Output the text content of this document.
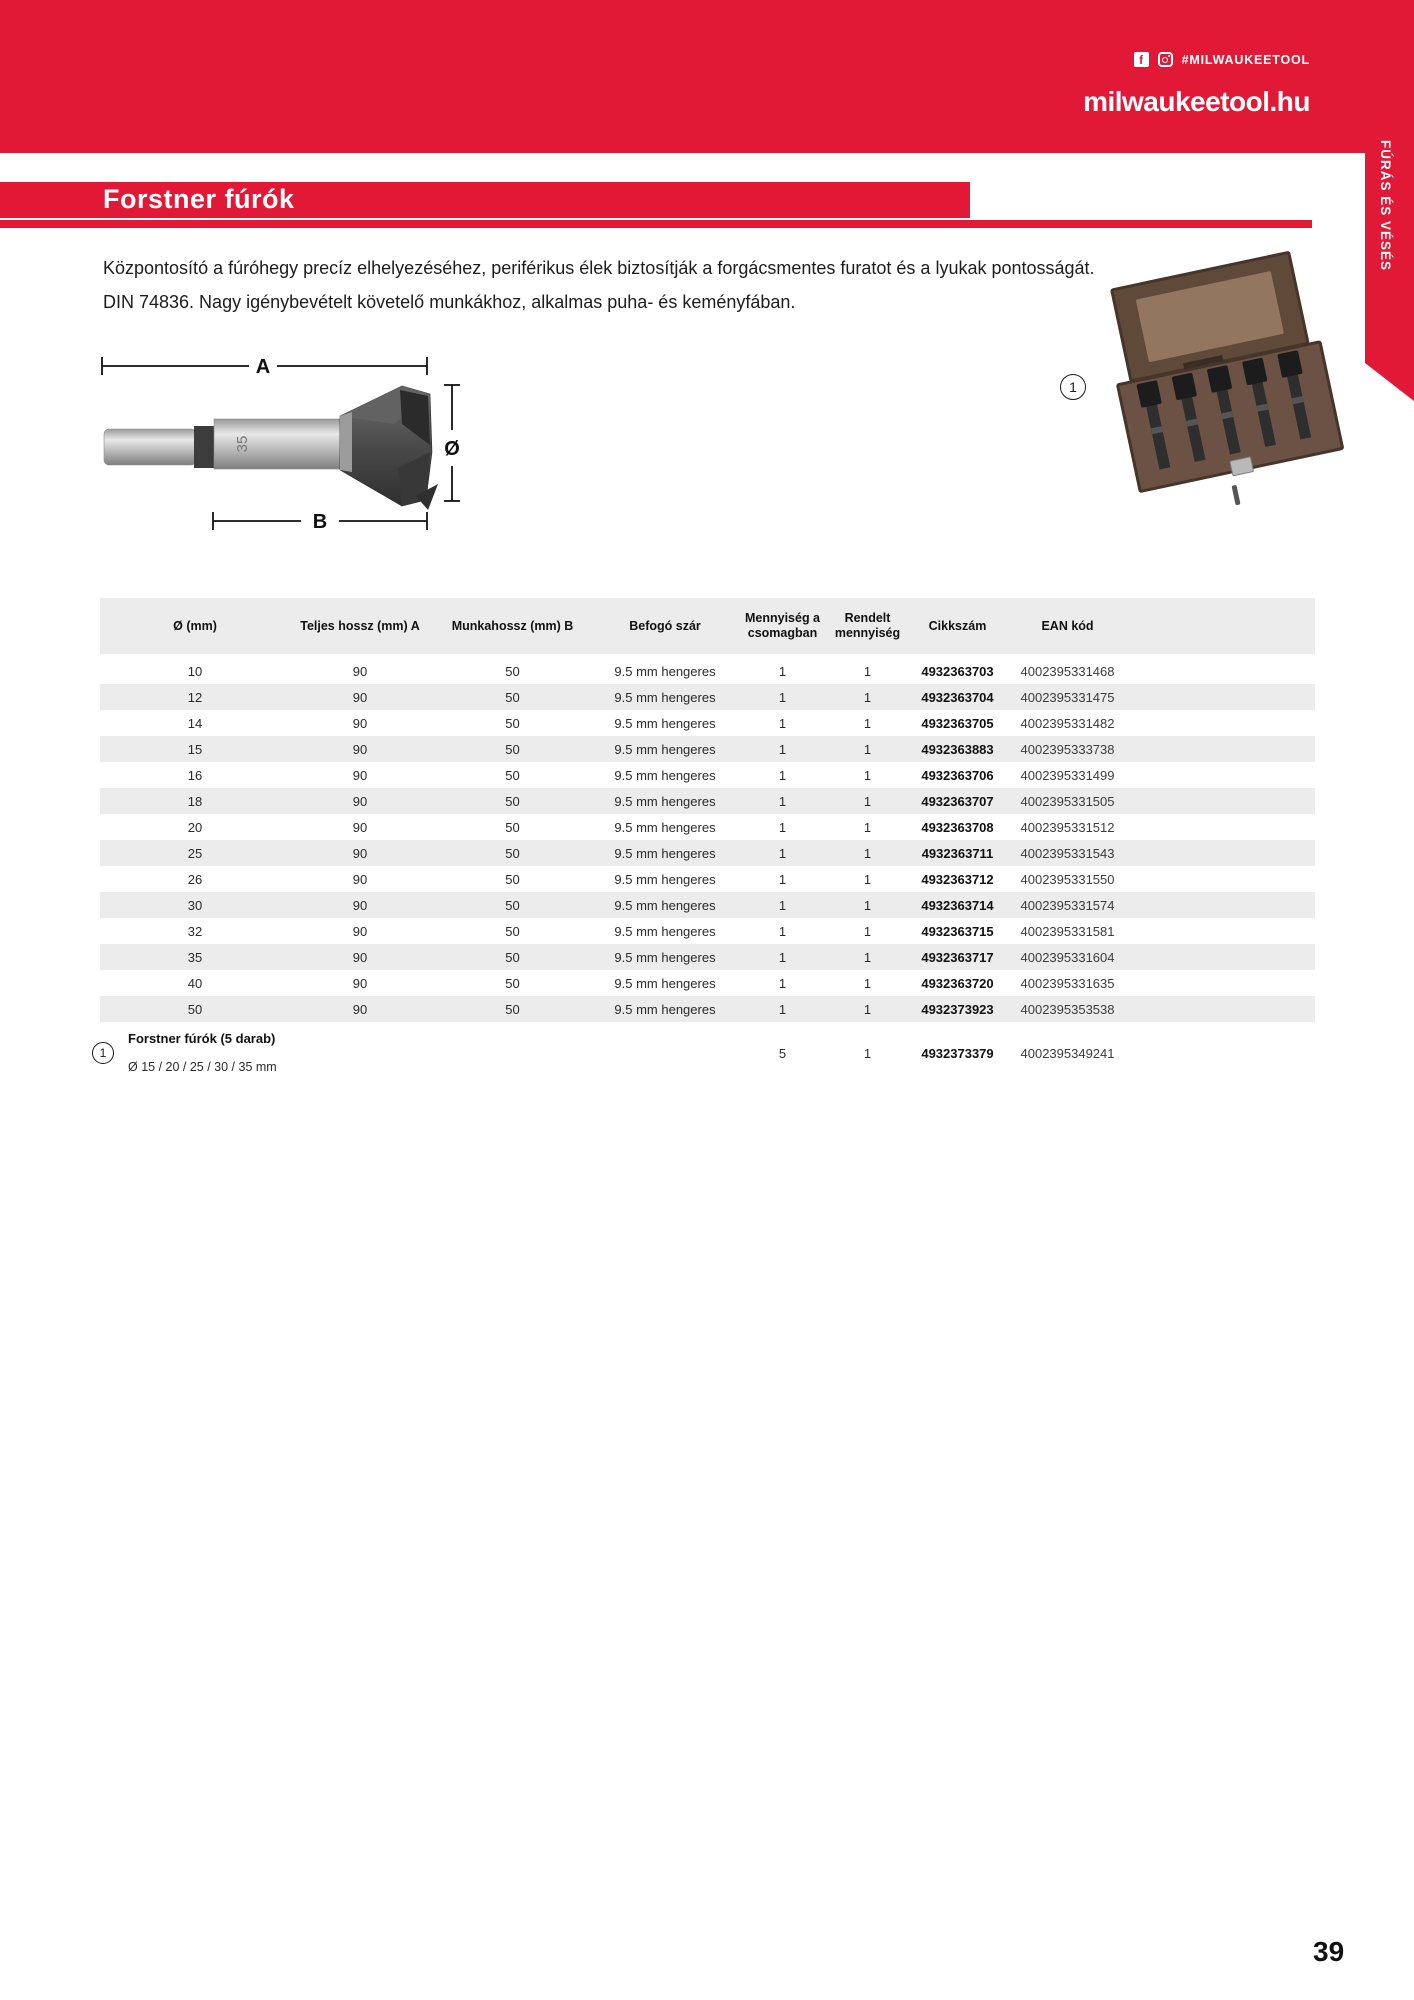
f	#MILWAUKEETOOL
milwaukeetool.hu
FÚRÁS ÉS VÉSÉS
Forstner fúrók
Központosító a fúróhegy precíz elhelyezéséhez, periférikus élek biztosítják a forgácsmentes furatot és a lyukak pontosságát.
DIN 74836. Nagy igénybevételt követelő munkákhoz, alkalmas puha- és keményfában.
A
35
B
Ø
1
Ø (mm)	Teljes hossz (mm) A	Munkahossz (mm) B	Befogó szár	Mennyiség a csomagban	Rendelt mennyiség	Cikkszám	EAN kód	
10	90	50	9.5 mm hengeres	1	1	4932363703	4002395331468	
12	90	50	9.5 mm hengeres	1	1	4932363704	4002395331475	
14	90	50	9.5 mm hengeres	1	1	4932363705	4002395331482	
15	90	50	9.5 mm hengeres	1	1	4932363883	4002395333738	
16	90	50	9.5 mm hengeres	1	1	4932363706	4002395331499	
18	90	50	9.5 mm hengeres	1	1	4932363707	4002395331505	
20	90	50	9.5 mm hengeres	1	1	4932363708	4002395331512	
25	90	50	9.5 mm hengeres	1	1	4932363711	4002395331543	
26	90	50	9.5 mm hengeres	1	1	4932363712	4002395331550	
30	90	50	9.5 mm hengeres	1	1	4932363714	4002395331574	
32	90	50	9.5 mm hengeres	1	1	4932363715	4002395331581	
35	90	50	9.5 mm hengeres	1	1	4932363717	4002395331604	
40	90	50	9.5 mm hengeres	1	1	4932363720	4002395331635	
50	90	50	9.5 mm hengeres	1	1	4932373923	4002395353538	

1
Forstner fúrók (5 darab)
Ø 15 / 20 / 25 / 30 / 35 mm				5	1	4932373379	4002395349241	
39
